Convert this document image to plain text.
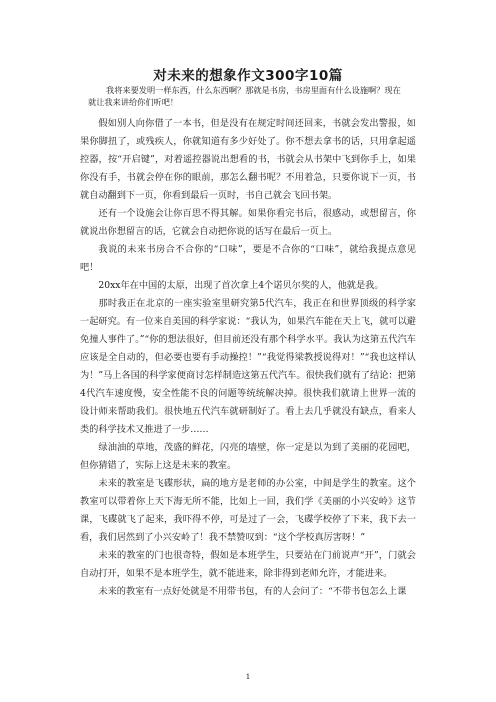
对未来的想象作文300字10篇

我将来要发明一样东西，什么东西啊？那就是书房，书房里面有什么设施啊？现在就让我来讲给你们听吧！

假如别人向你借了一本书，但是没有在规定时间还回来，书就会发出警报，如果你脚扭了，或残疾人，你就知道有多少好处了。你不想去拿书的话，只用拿起遥控器，按“开启键”，对着遥控器说出想看的书，书就会从书架中飞到你手上，如果你没有手，书就会停在你的眼前，那怎么翻书呢？不用着急，只要你说下一页，书就自动翻到下一页，你看到最后一页时，书自己就会飞回书架。

还有一个设施会让你百思不得其解。如果你看完书后，很感动，或想留言，你就说出你想留言的话，它就会自动把你说的话写在最后一页上。

我说的未来书房合不合你的“口味”，要是不合你的“口味”，就给我提点意见吧！

20xx年在中国的太原，出现了首次拿上4个诺贝尔奖的人，他就是我。

那时我正在北京的一座实验室里研究第5代汽车，我正在和世界顶级的科学家一起研究。有一位来自美国的科学家说：“我认为，如果汽车能在天上飞，就可以避免撞人事件了。”“你的想法很好，但目前还没有那个科学水平。我认为这第五代汽车应该是全自动的，但必要也要有手动操控！”“我觉得梁教授说得对！”“我也这样认为！”马上各国的科学家便商讨怎样制造这第五代汽车。很快我们就有了结论：把第4代汽车速度慢，安全性能不良的问题等统统解决掉。很快我们就请上世界一流的设计师来帮助我们。很快地五代汽车就研制好了。看上去几乎就没有缺点，看来人类的科学技术又推进了一步……

绿油油的草地，茂盛的鲜花，闪亮的墙壁，你一定是以为到了美丽的花园吧，但你猜错了，实际上这是未来的教室。

未来的教室是飞碟形状，扁的地方是老师的办公室，中间是学生的教室。这个教室可以带着你上天下海无所不能，比如上一回，我们学《美丽的小兴安岭》这节课，飞碟就飞了起来，我吓得不停，可是过了一会，飞碟学校停了下来，我下去一看，我们居然到了小兴安岭了！我不禁赞叹到：“这个学校真厉害呀！”

未来的教室的门也很奇特，假如是本班学生，只要站在门前说声“开”，门就会自动打开，如果不是本班学生，就不能进来，除非得到老师允许，才能进来。

未来的教室有一点好处就是不用带书包，有的人会问了：“不带书包怎么上课

1
